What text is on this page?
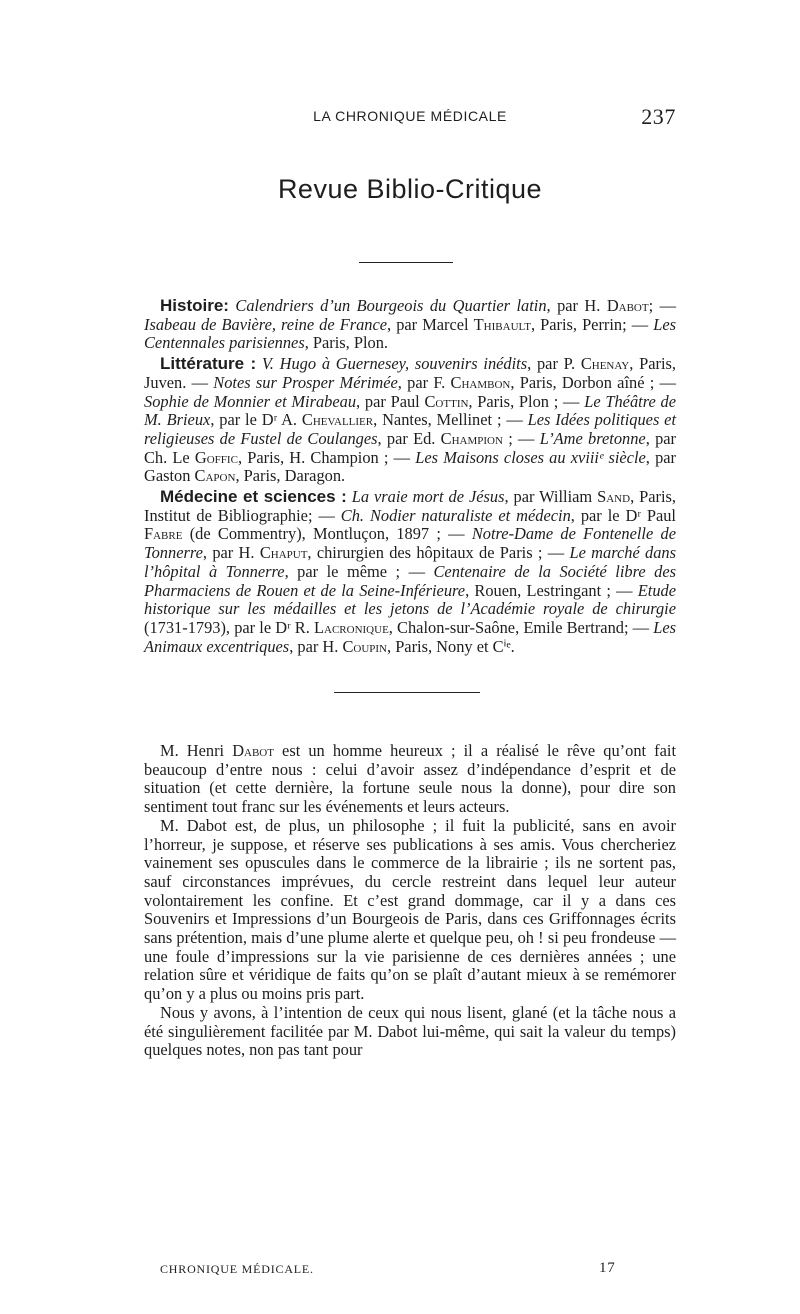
LA CHRONIQUE MÉDICALE	237
Revue Biblio-Critique

Histoire: Calendriers d’un Bourgeois du Quartier latin, par H. Dabot; — Isabeau de Bavière, reine de France, par Marcel Thibault, Paris, Perrin; — Les Centennales parisiennes, Paris, Plon.

Littérature : V. Hugo à Guernesey, souvenirs inédits, par P. Chenay, Paris, Juven. — Notes sur Prosper Mérimée, par F. Chambon, Paris, Dorbon aîné ; — Sophie de Monnier et Mirabeau, par Paul Cottin, Paris, Plon ; — Le Théâtre de M. Brieux, par le Dʳ A. Chevallier, Nantes, Mellinet ; — Les Idées politiques et religieuses de Fustel de Coulanges, par Ed. Champion ; — L’Ame bretonne, par Ch. Le Goffic, Paris, H. Champion ; — Les Maisons closes au xviiiᵉ siècle, par Gaston Capon, Paris, Daragon.

Médecine et sciences : La vraie mort de Jésus, par William Sand, Paris, Institut de Bibliographie; — Ch. Nodier naturaliste et médecin, par le Dʳ Paul Fabre (de Commentry), Montluçon, 1897 ; — Notre-Dame de Fontenelle de Tonnerre, par H. Chaput, chirurgien des hôpitaux de Paris ; — Le marché dans l’hôpital à Tonnerre, par le même ; — Centenaire de la Société libre des Pharmaciens de Rouen et de la Seine-Inférieure, Rouen, Lestringant ; — Etude historique sur les médailles et les jetons de l’Académie royale de chirurgie (1731-1793), par le Dʳ R. Lacronique, Chalon-sur-Saône, Emile Bertrand; — Les Animaux excentriques, par H. Coupin, Paris, Nony et Cⁱᵉ.

M. Henri Dabot est un homme heureux ; il a réalisé le rêve qu’ont fait beaucoup d’entre nous : celui d’avoir assez d’indépendance d’esprit et de situation (et cette dernière, la fortune seule nous la donne), pour dire son sentiment tout franc sur les événements et leurs acteurs.

M. Dabot est, de plus, un philosophe ; il fuit la publicité, sans en avoir l’horreur, je suppose, et réserve ses publications à ses amis. Vous chercheriez vainement ses opuscules dans le commerce de la librairie ; ils ne sortent pas, sauf circonstances imprévues, du cercle restreint dans lequel leur auteur volontairement les confine. Et c’est grand dommage, car il y a dans ces Souvenirs et Impressions d’un Bourgeois de Paris, dans ces Griffonnages écrits sans prétention, mais d’une plume alerte et quelque peu, oh ! si peu frondeuse — une foule d’impressions sur la vie parisienne de ces dernières années ; une relation sûre et véridique de faits qu’on se plaît d’autant mieux à se remémorer qu’on y a plus ou moins pris part.

Nous y avons, à l’intention de ceux qui nous lisent, glané (et la tâche nous a été singulièrement facilitée par M. Dabot lui-même, qui sait la valeur du temps) quelques notes, non pas tant pour

CHRONIQUE MÉDICALE.	17
